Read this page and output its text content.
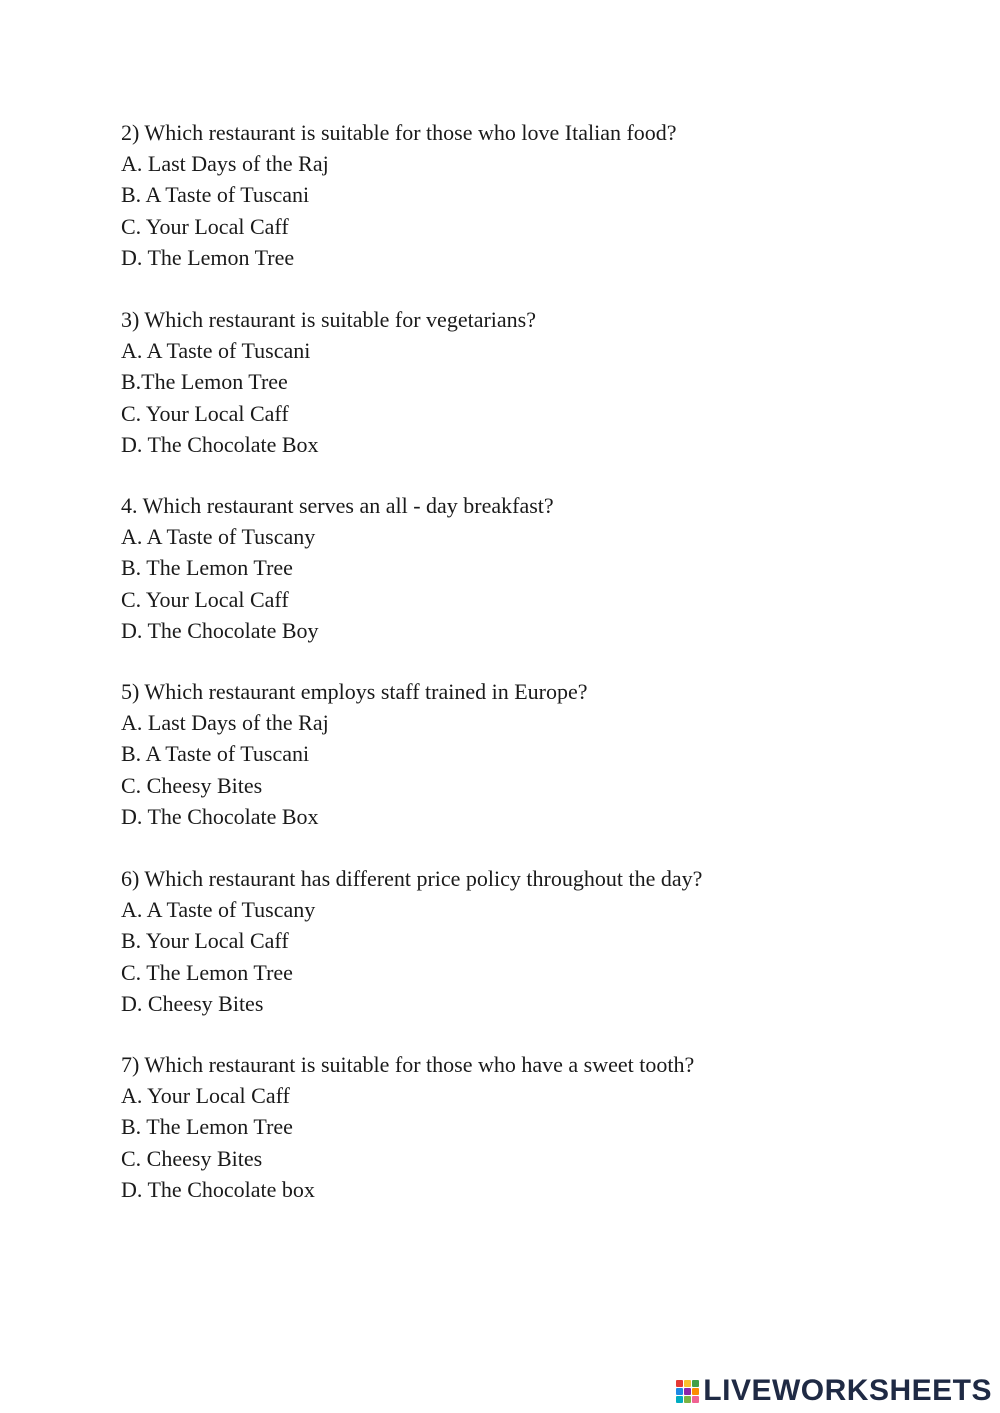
2) Which restaurant is suitable for those who love Italian food?
A. Last Days of the Raj
B. A Taste of Tuscani
C. Your Local Caff
D. The Lemon Tree
3) Which restaurant is suitable for vegetarians?
A. A Taste of Tuscani
B.The Lemon Tree
C. Your Local Caff
D. The Chocolate Box
4. Which restaurant serves an all - day breakfast?
A. A Taste of Tuscany
B. The Lemon Tree
C. Your Local Caff
D. The Chocolate Boy
5) Which restaurant employs staff trained in Europe?
A. Last Days of the Raj
B. A Taste of Tuscani
C. Cheesy Bites
D. The Chocolate Box
6) Which restaurant has different price policy throughout the day?
A. A Taste of Tuscany
B. Your Local Caff
C. The Lemon Tree
D. Cheesy Bites
7) Which restaurant is suitable for those who have a sweet tooth?
A. Your Local Caff
B. The Lemon Tree
C. Cheesy Bites
D. The Chocolate box
LIVEWORKSHEETS
